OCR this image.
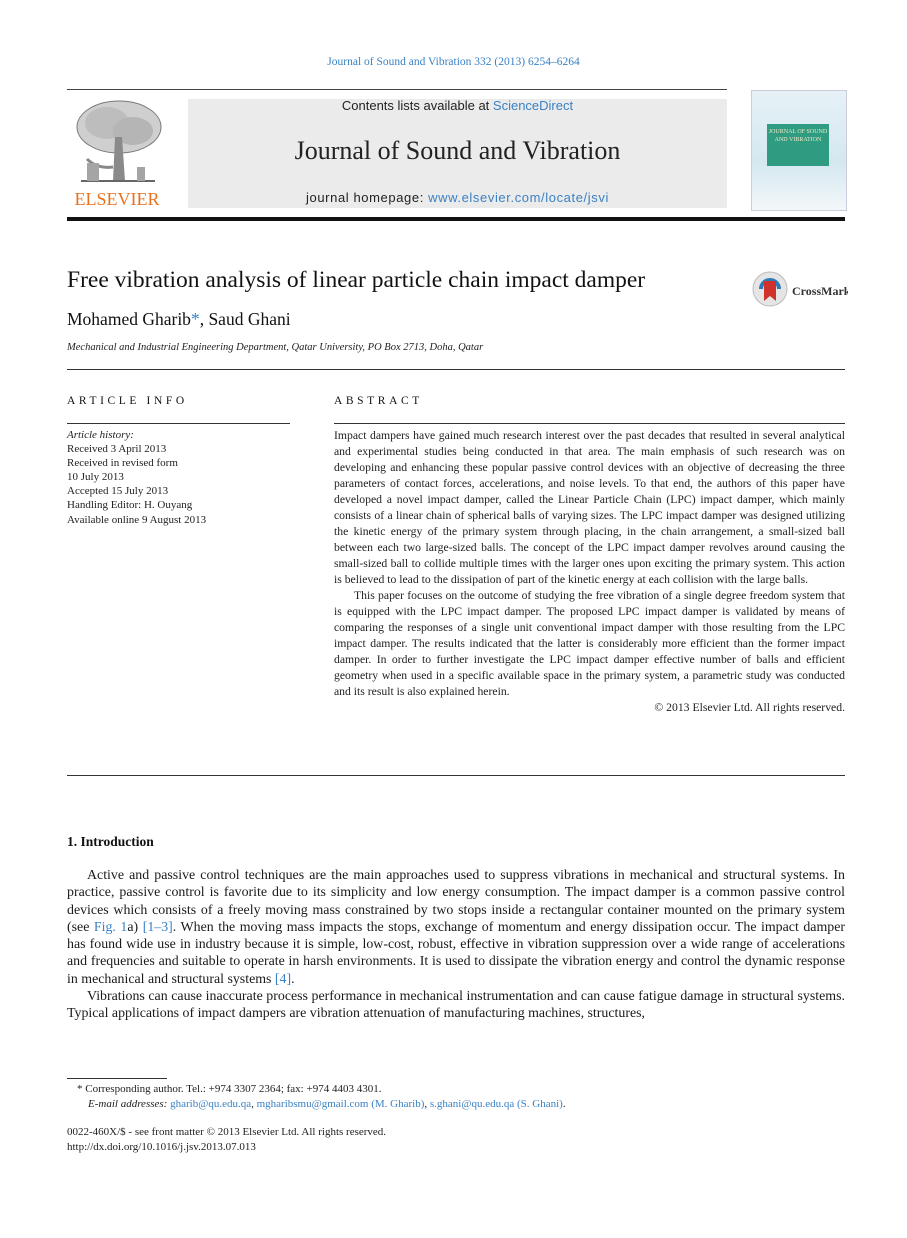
Journal of Sound and Vibration 332 (2013) 6254–6264
ELSEVIER
Contents lists available at ScienceDirect
Journal of Sound and Vibration
journal homepage: www.elsevier.com/locate/jsvi
JOURNAL OF SOUND AND VIBRATION
Free vibration analysis of linear particle chain impact damper	CrossMark
Mohamed Gharib*, Saud Ghani
Mechanical and Industrial Engineering Department, Qatar University, PO Box 2713, Doha, Qatar
ARTICLE INFO
Article history:
Received 3 April 2013
Received in revised form
10 July 2013
Accepted 15 July 2013
Handling Editor: H. Ouyang
Available online 9 August 2013
ABSTRACT

Impact dampers have gained much research interest over the past decades that resulted in several analytical and experimental studies being conducted in that area. The main emphasis of such research was on developing and enhancing these popular passive control devices with an objective of decreasing the three parameters of contact forces, accelerations, and noise levels. To that end, the authors of this paper have developed a novel impact damper, called the Linear Particle Chain (LPC) impact damper, which mainly consists of a linear chain of spherical balls of varying sizes. The LPC impact damper was designed utilizing the kinetic energy of the primary system through placing, in the chain arrangement, a small-sized ball between each two large-sized balls. The concept of the LPC impact damper revolves around causing the small-sized ball to collide multiple times with the larger ones upon exciting the primary system. This action is believed to lead to the dissipation of part of the kinetic energy at each collision with the large balls.

This paper focuses on the outcome of studying the free vibration of a single degree freedom system that is equipped with the LPC impact damper. The proposed LPC impact damper is validated by means of comparing the responses of a single unit conventional impact damper with those resulting from the LPC impact damper. The results indicated that the latter is considerably more efficient than the former impact damper. In order to further investigate the LPC impact damper effective number of balls and efficient geometry when used in a specific available space in the primary system, a parametric study was conducted and its result is also explained herein.

© 2013 Elsevier Ltd. All rights reserved.

1. Introduction

Active and passive control techniques are the main approaches used to suppress vibrations in mechanical and structural systems. In practice, passive control is favorite due to its simplicity and low energy consumption. The impact damper is a common passive control devices which consists of a freely moving mass constrained by two stops inside a rectangular container mounted on the primary system (see Fig. 1a) [1–3]. When the moving mass impacts the stops, exchange of momentum and energy dissipation occur. The impact damper has found wide use in industry because it is simple, low-cost, robust, effective in vibration suppression over a wide range of accelerations and frequencies and suitable to operate in harsh environments. It is used to dissipate the vibration energy and control the dynamic response in mechanical and structural systems [4].

Vibrations can cause inaccurate process performance in mechanical instrumentation and can cause fatigue damage in structural systems. Typical applications of impact dampers are vibration attenuation of manufacturing machines, structures,

* Corresponding author. Tel.: +974 3307 2364; fax: +974 4403 4301.
E-mail addresses: gharib@qu.edu.qa, mgharibsmu@gmail.com (M. Gharib), s.ghani@qu.edu.qa (S. Ghani).
0022-460X/$ - see front matter © 2013 Elsevier Ltd. All rights reserved.
http://dx.doi.org/10.1016/j.jsv.2013.07.013
